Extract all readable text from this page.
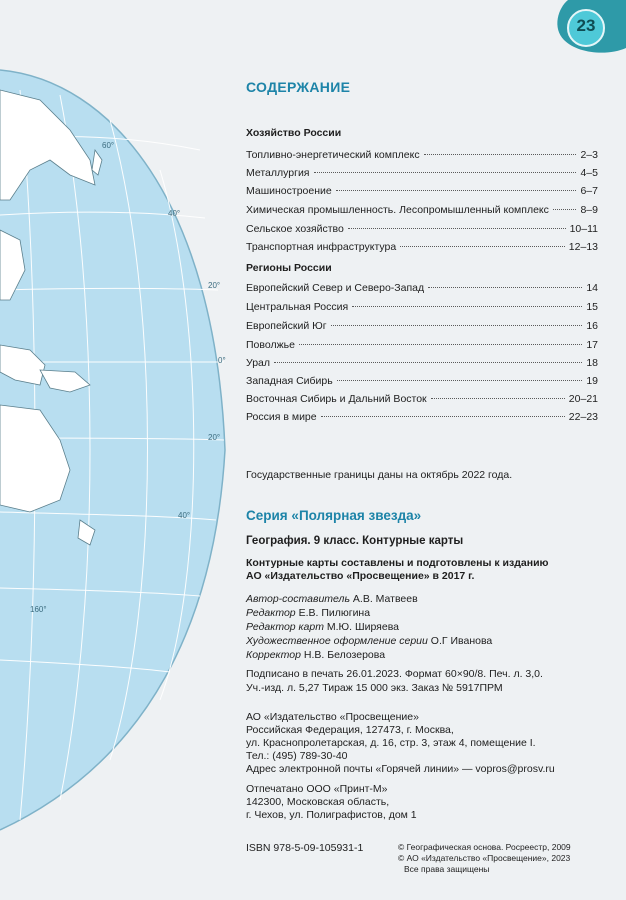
60°
40°
20°
0°
20°
40°
160°
23
СОДЕРЖАНИЕ
Хозяйство России
Топливно-энергетический комплекс	2–3
Металлургия	4–5
Машиностроение	6–7
Химическая промышленность. Лесопромышленный комплекс	8–9
Сельское хозяйство	10–11
Транспортная инфраструктура	12–13
Регионы России
Европейский Север и Северо-Запад	14
Центральная Россия	15
Европейский Юг	16
Поволжье	17
Урал	18
Западная Сибирь	19
Восточная Сибирь и Дальний Восток	20–21
Россия в мире	22–23
Государственные границы даны на октябрь 2022 года.
Серия «Полярная звезда»
География. 9 класс. Контурные карты
Контурные карты составлены и подготовлены к изданию
АО «Издательство «Просвещение» в 2017 г.
Автор-составитель А.В. Матвеев
Редактор Е.В. Пилюгина
Редактор карт М.Ю. Ширяева
Художественное оформление серии О.Г Иванова
Корректор Н.В. Белозерова
Подписано в печать 26.01.2023. Формат 60×90/8. Печ. л. 3,0.
Уч.-изд. л. 5,27 Тираж 15 000 экз. Заказ № 5917ПРМ
АО «Издательство «Просвещение»
Российская Федерация, 127473, г. Москва,
ул. Краснопролетарская, д. 16, стр. 3, этаж 4, помещение I.
Тел.: (495) 789-30-40
Адрес электронной почты «Горячей линии» — vopros@prosv.ru
Отпечатано ООО «Принт-М»
142300, Московская область,
г. Чехов, ул. Полиграфистов, дом 1
ISBN 978-5-09-105931-1	© Географическая основа. Росреестр, 2009
© АО «Издательство «Просвещение», 2023
Все права защищены
